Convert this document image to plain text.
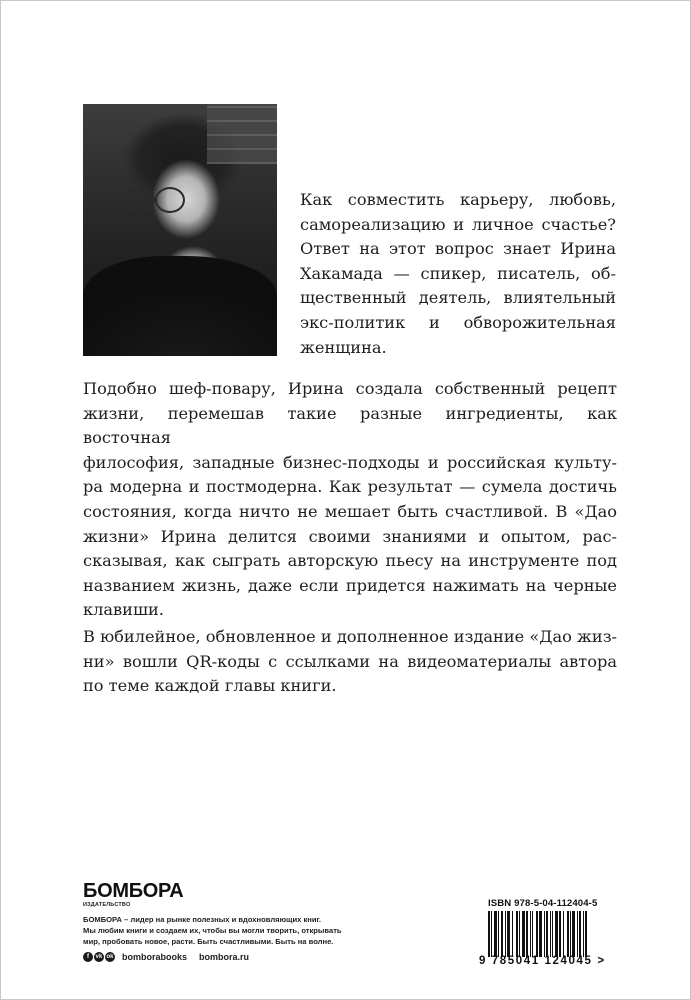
Как совместить карьеру, любовь,
самореализацию и личное счастье?
Ответ на этот вопрос знает Ирина
Хакамада — спикер, писатель, об-
щественный деятель, влиятельный
экс-политик и обворожительная
женщина.
Подобно шеф-повару, Ирина создала собственный рецепт
жизни, перемешав такие разные ингредиенты, как восточная
философия, западные бизнес-подходы и российская культу-
ра модерна и постмодерна. Как результат — сумела достичь
состояния, когда ничто не мешает быть счастливой. В «Дао
жизни» Ирина делится своими знаниями и опытом, рас-
сказывая, как сыграть авторскую пьесу на инструменте под
названием жизнь, даже если придется нажимать на черные
клавиши.
В юбилейное, обновленное и дополненное издание «Дао жиз-
ни» вошли QR-коды с ссылками на видеоматериалы автора
по теме каждой главы книги.
БОМБОРА
ИЗДАТЕЛЬСТВО
БОМБОРА – лидер на рынке полезных и вдохновляющих книг.
Мы любим книги и создаем их, чтобы вы могли творить, открывать
мир, пробовать новое, расти. Быть счастливыми. Быть на волне.
f	vk ok bomborabooks bombora.ru
ISBN 978-5-04-112404-5
9 785041 124045 >
